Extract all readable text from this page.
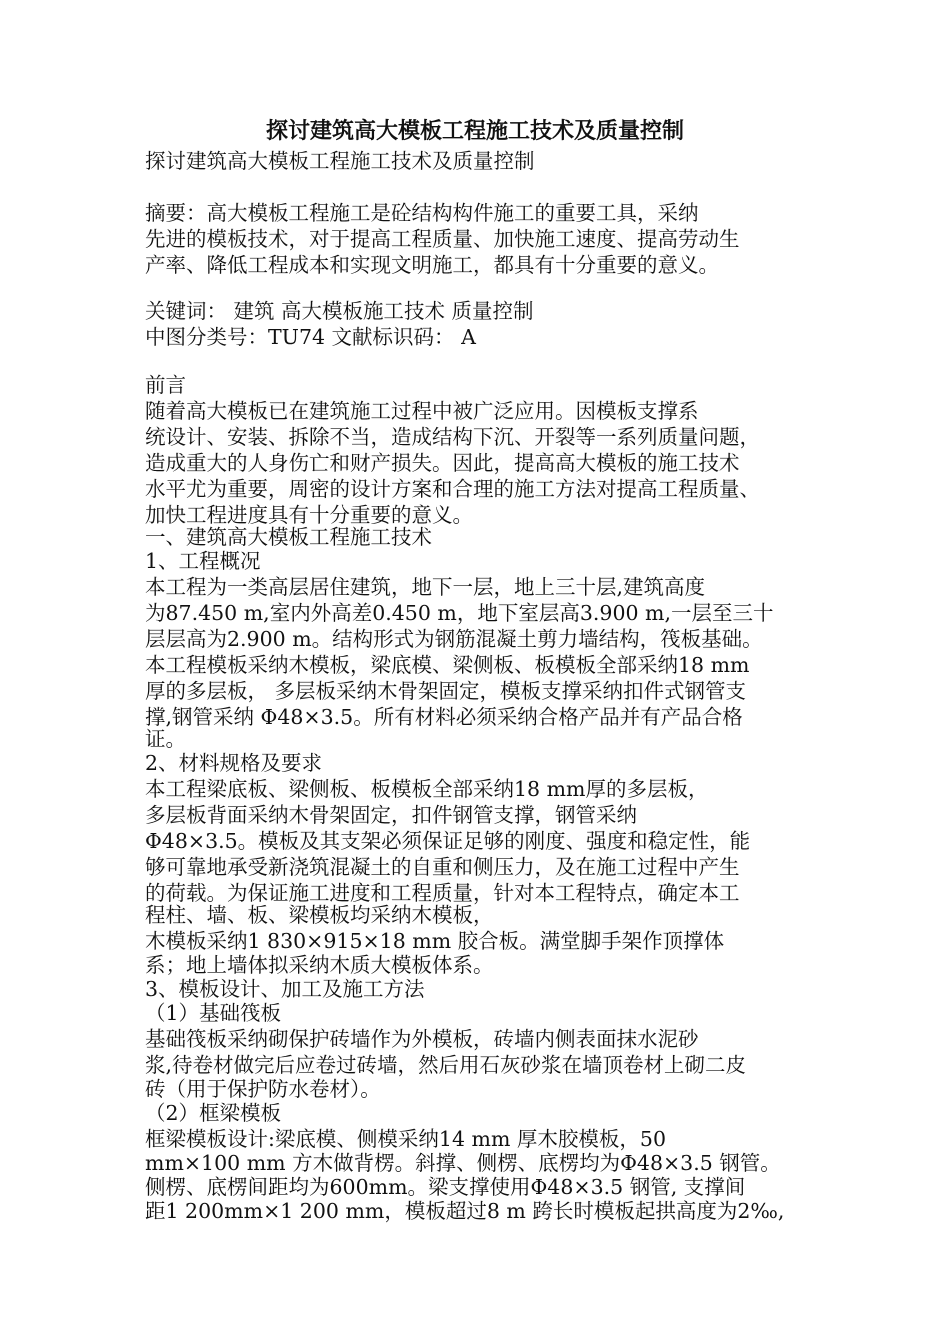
探讨建筑高大模板工程施工技术及质量控制
探讨建筑高大模板工程施工技术及质量控制
摘要：高大模板工程施工是砼结构构件施工的重要工具，采纳
先进的模板技术，对于提高工程质量、加快施工速度、提高劳动生
产率、降低工程成本和实现文明施工，都具有十分重要的意义。
关键词： 建筑 高大模板施工技术 质量控制
中图分类号：TU74 文献标识码： A
前言
随着高大模板已在建筑施工过程中被广泛应用。因模板支撑系
统设计、安装、拆除不当，造成结构下沉、开裂等一系列质量问题，
造成重大的人身伤亡和财产损失。因此，提高高大模板的施工技术
水平尤为重要，周密的设计方案和合理的施工方法对提高工程质量、
加快工程进度具有十分重要的意义。
一、建筑高大模板工程施工技术
1、工程概况
本工程为一类高层居住建筑，地下一层，地上三十层,建筑高度
为87.450 m,室内外高差0.450 m，地下室层高3.900 m,一层至三十
层层高为2.900 m。结构形式为钢筋混凝土剪力墙结构，筏板基础。
本工程模板采纳木模板，梁底模、梁侧板、板模板全部采纳18 mm
厚的多层板， 多层板采纳木骨架固定，模板支撑采纳扣件式钢管支
撑,钢管采纳 Φ48×3.5。所有材料必须采纳合格产品并有产品合格
证。
2、材料规格及要求
本工程梁底板、梁侧板、板模板全部采纳18 mm厚的多层板，
多层板背面采纳木骨架固定，扣件钢管支撑，钢管采纳
Φ48×3.5。模板及其支架必须保证足够的刚度、强度和稳定性，能
够可靠地承受新浇筑混凝土的自重和侧压力，及在施工过程中产生
的荷载。为保证施工进度和工程质量，针对本工程特点，确定本工
程柱、墙、板、梁模板均采纳木模板，
木模板采纳1 830×915×18 mm 胶合板。满堂脚手架作顶撑体
系；地上墙体拟采纳木质大模板体系。
3、模板设计、加工及施工方法
（1）基础筏板
基础筏板采纳砌保护砖墙作为外模板，砖墙内侧表面抹水泥砂
浆,待卷材做完后应卷过砖墙，然后用石灰砂浆在墙顶卷材上砌二皮
砖（用于保护防水卷材）。
（2）框梁模板
框梁模板设计:梁底模、侧模采纳14 mm 厚木胶模板，50
mm×100 mm 方木做背楞。斜撑、侧楞、底楞均为Φ48×3.5 钢管。
侧楞、底楞间距均为600mm。梁支撑使用Φ48×3.5 钢管, 支撑间
距1 200mm×1 200 mm，模板超过8 m 跨长时模板起拱高度为2‰,
